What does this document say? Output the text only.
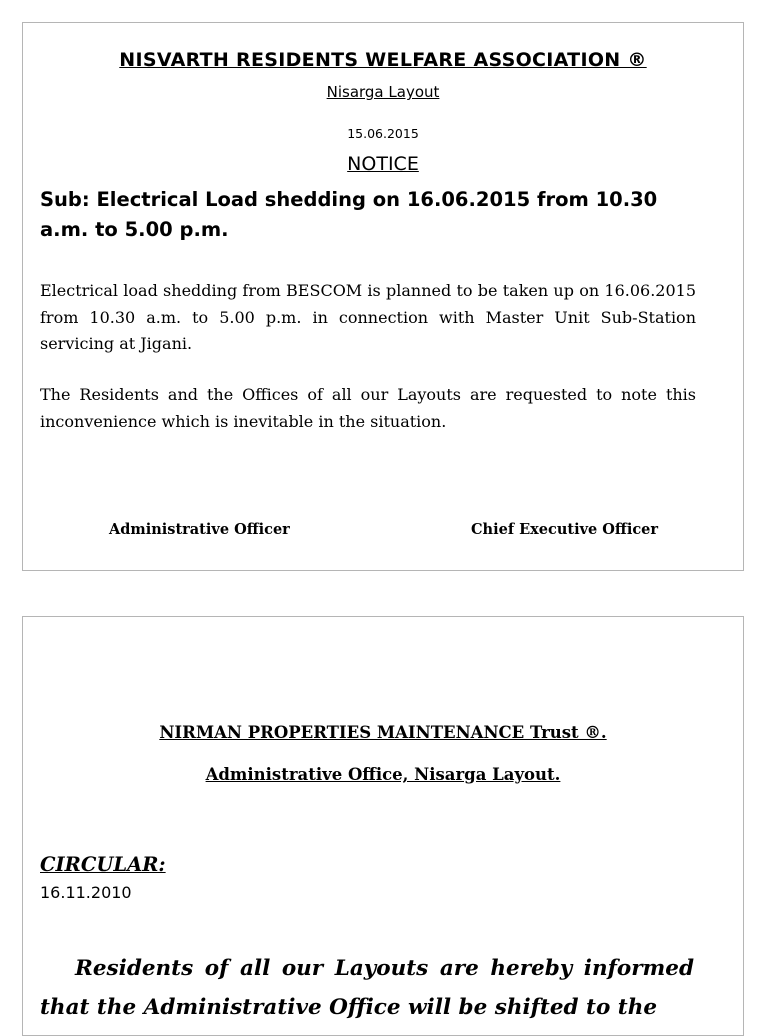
NISVARTH RESIDENTS WELFARE ASSOCIATION ®

Nisarga Layout

15.06.2015

NOTICE

Sub: Electrical Load shedding on 16.06.2015 from 10.30 a.m. to 5.00 p.m.

Electrical load shedding from BESCOM is planned to be taken up on 16.06.2015 from 10.30 a.m. to 5.00 p.m. in connection with Master Unit Sub-Station servicing at Jigani.

The Residents and the Offices of all our Layouts are requested to note this inconvenience which is inevitable in the situation.

Administrative Officer	Chief Executive Officer

NIRMAN PROPERTIES MAINTENANCE Trust ®.

Administrative Office, Nisarga Layout.

CIRCULAR:

16.11.2010

Residents of all our Layouts are hereby informed that the Administrative Office will be shifted to the
